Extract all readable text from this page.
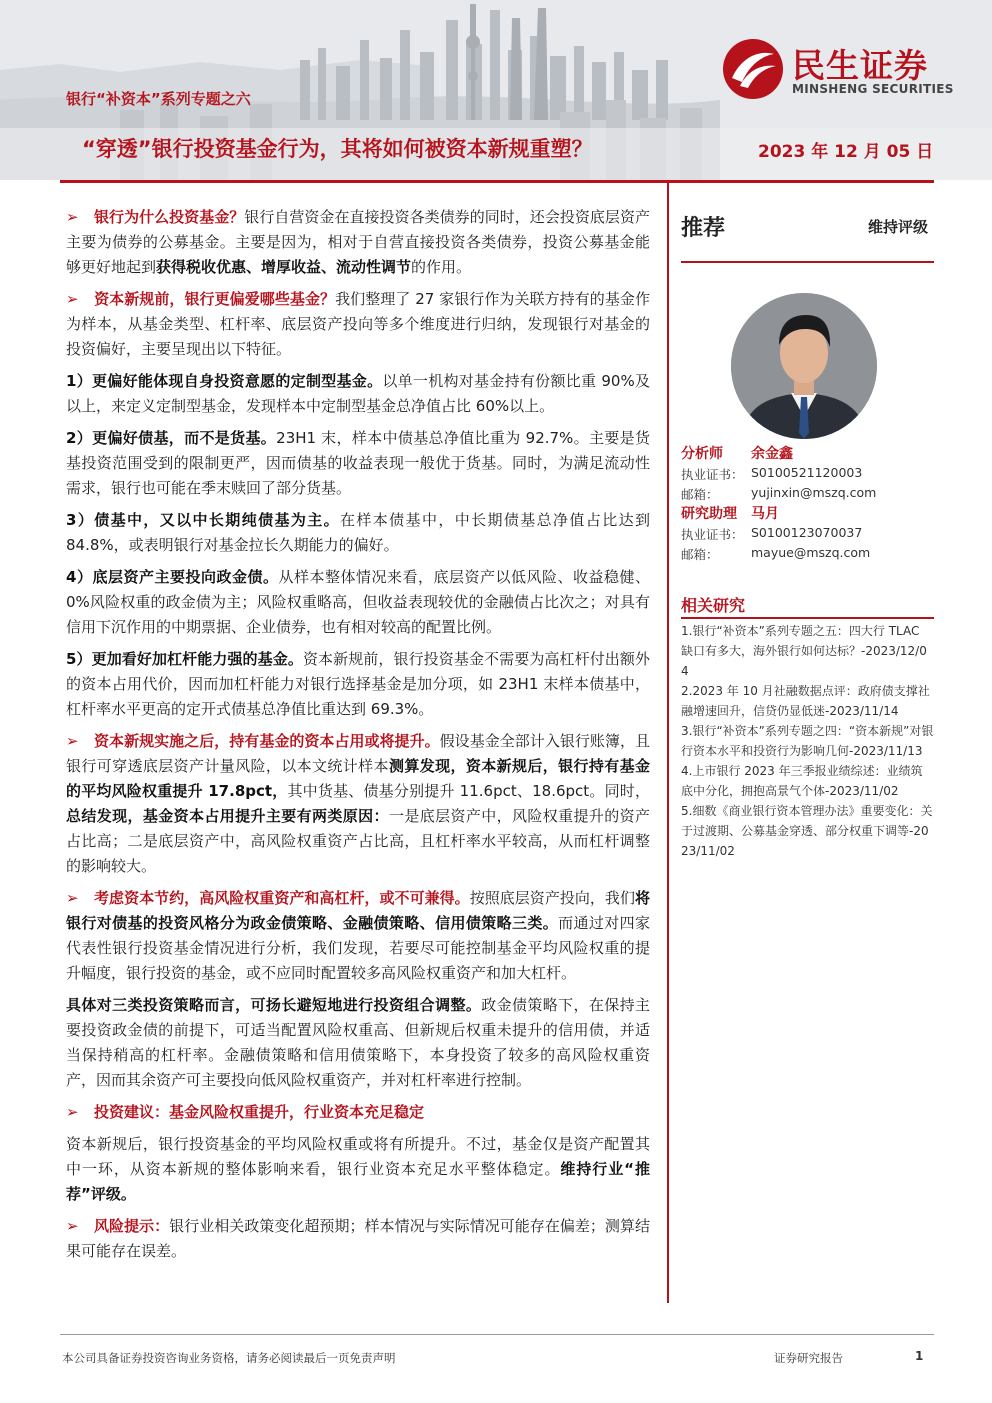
银行“补资本”系列专题之六
“穿透”银行投资基金行为，其将如何被资本新规重塑？	2023 年 12 月 05 日
民生证券
MINSHENG SECURITIES

➢ 银行为什么投资基金？银行自营资金在直接投资各类债券的同时，还会投资底层资产主要为债券的公募基金。主要是因为，相对于自营直接投资各类债券，投资公募基金能够更好地起到获得税收优惠、增厚收益、流动性调节的作用。

➢ 资本新规前，银行更偏爱哪些基金？我们整理了 27 家银行作为关联方持有的基金作为样本，从基金类型、杠杆率、底层资产投向等多个维度进行归纳，发现银行对基金的投资偏好，主要呈现出以下特征。

1）更偏好能体现自身投资意愿的定制型基金。以单一机构对基金持有份额比重 90%及以上，来定义定制型基金，发现样本中定制型基金总净值占比 60%以上。

2）更偏好债基，而不是货基。23H1 末，样本中债基总净值比重为 92.7%。主要是货基投资范围受到的限制更严，因而债基的收益表现一般优于货基。同时，为满足流动性需求，银行也可能在季末赎回了部分货基。

3）债基中，又以中长期纯债基为主。在样本债基中，中长期债基总净值占比达到 84.8%，或表明银行对基金拉长久期能力的偏好。

4）底层资产主要投向政金债。从样本整体情况来看，底层资产以低风险、收益稳健、0%风险权重的政金债为主；风险权重略高，但收益表现较优的金融债占比次之；对具有信用下沉作用的中期票据、企业债券，也有相对较高的配置比例。

5）更加看好加杠杆能力强的基金。资本新规前，银行投资基金不需要为高杠杆付出额外的资本占用代价，因而加杠杆能力对银行选择基金是加分项，如 23H1 末样本债基中，杠杆率水平更高的定开式债基总净值比重达到 69.3%。

➢ 资本新规实施之后，持有基金的资本占用或将提升。假设基金全部计入银行账簿，且银行可穿透底层资产计量风险，以本文统计样本测算发现，资本新规后，银行持有基金的平均风险权重提升 17.8pct，其中货基、债基分别提升 11.6pct、18.6pct。同时，总结发现，基金资本占用提升主要有两类原因：一是底层资产中，风险权重提升的资产占比高；二是底层资产中，高风险权重资产占比高，且杠杆率水平较高，从而杠杆调整的影响较大。

➢ 考虑资本节约，高风险权重资产和高杠杆，或不可兼得。按照底层资产投向，我们将银行对债基的投资风格分为政金债策略、金融债策略、信用债策略三类。而通过对四家代表性银行投资基金情况进行分析，我们发现，若要尽可能控制基金平均风险权重的提升幅度，银行投资的基金，或不应同时配置较多高风险权重资产和加大杠杆。

具体对三类投资策略而言，可扬长避短地进行投资组合调整。政金债策略下，在保持主要投资政金债的前提下，可适当配置风险权重高、但新规后权重未提升的信用债，并适当保持稍高的杠杆率。金融债策略和信用债策略下，本身投资了较多的高风险权重资产，因而其余资产可主要投向低风险权重资产，并对杠杆率进行控制。

➢ 投资建议：基金风险权重提升，行业资本充足稳定

资本新规后，银行投资基金的平均风险权重或将有所提升。不过，基金仅是资产配置其中一环，从资本新规的整体影响来看，银行业资本充足水平整体稳定。维持行业“推荐”评级。

➢ 风险提示：银行业相关政策变化超预期；样本情况与实际情况可能存在偏差；测算结果可能存在误差。

推荐	维持评级
分析师 余金鑫
执业证书： S0100521120003
邮箱：	yujinxin@mszq.com
研究助理 马月
执业证书： S0100123070037
邮箱：	mayue@mszq.com
相关研究
1.银行“补资本”系列专题之五：四大行 TLAC 缺口有多大，海外银行如何达标？-2023/12/04
2.2023 年 10 月社融数据点评：政府债支撑社融增速回升，信贷仍显低迷-2023/11/14
3.银行“补资本”系列专题之四：“资本新规”对银行资本水平和投资行为影响几何-2023/11/13
4.上市银行 2023 年三季报业绩综述：业绩筑底中分化，拥抱高景气个体-2023/11/02
5.细数《商业银行资本管理办法》重要变化：关于过渡期、公募基金穿透、部分权重下调等-2023/11/02
本公司具备证券投资咨询业务资格，请务必阅读最后一页免责声明	证券研究报告	1
